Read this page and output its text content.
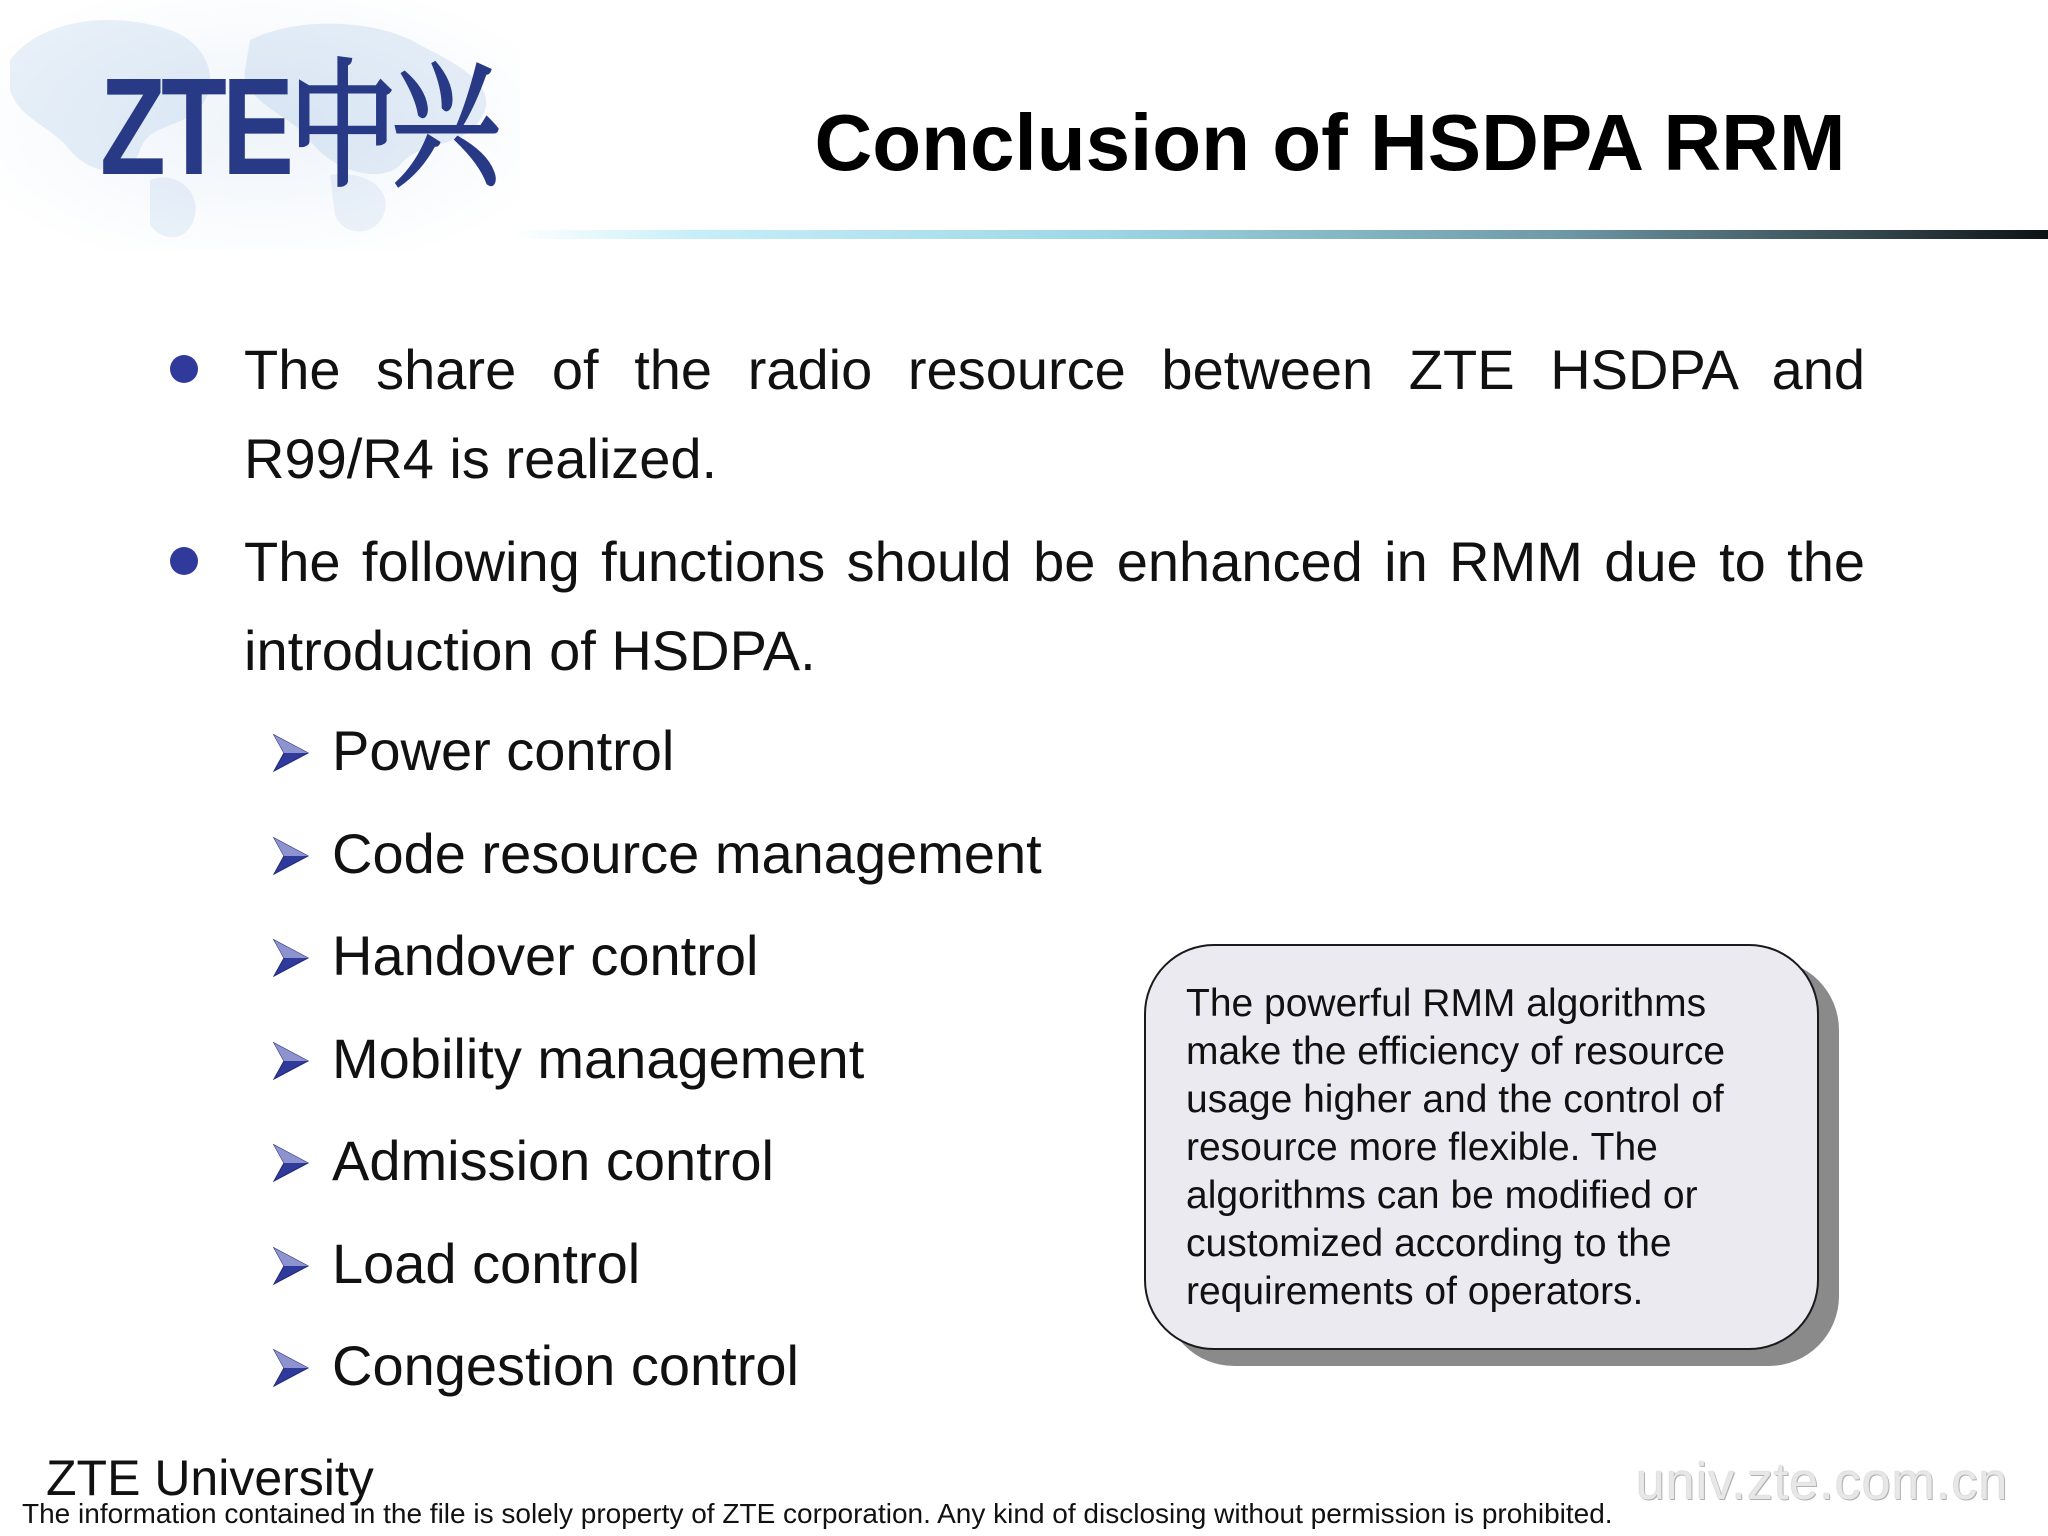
ZTE中兴	Conclusion of HSDPA RRM
The share of the radio resource between ZTE HSDPA and R99/R4 is realized.
The following functions should be enhanced in RMM due to the introduction of HSDPA.
Power control
Code resource management
Handover control
Mobility management
Admission control
Load control
Congestion control
The powerful RMM algorithms make the efficiency of resource usage higher and the control of resource more flexible. The algorithms can be modified or customized according to the requirements of operators.
ZTE University
The information contained in the file is solely property of ZTE corporation. Any kind of disclosing without permission is prohibited.
univ.zte.com.cn
